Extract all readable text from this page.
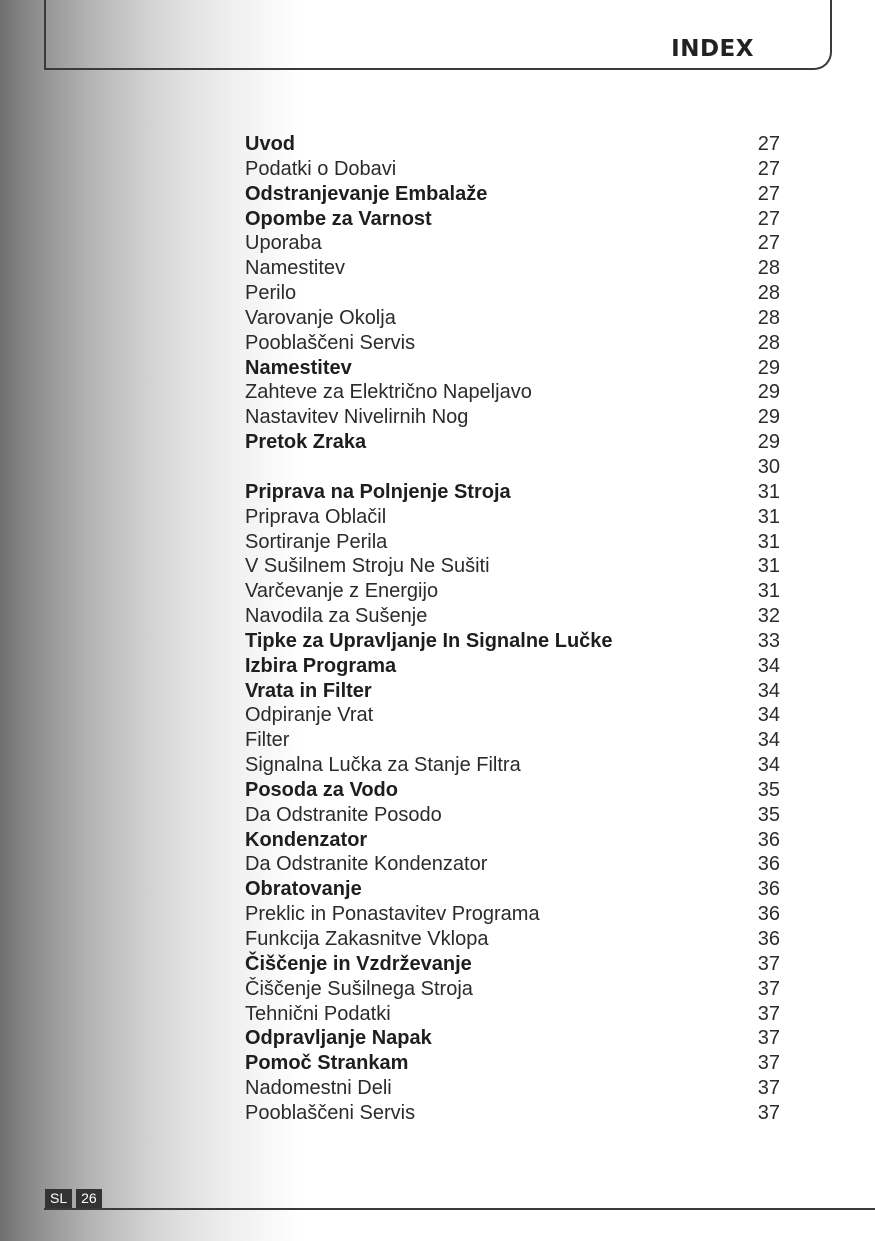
INDEX
Uvod	27
Podatki o Dobavi	27
Odstranjevanje Embalaže	27
Opombe za Varnost	27
Uporaba	27
Namestitev	28
Perilo	28
Varovanje Okolja	28
Pooblaščeni Servis	28
Namestitev	29
Zahteve za Električno Napeljavo	29
Nastavitev Nivelirnih Nog	29
Pretok Zraka	29
30
Priprava na Polnjenje Stroja	31
Priprava Oblačil	31
Sortiranje Perila	31
V Sušilnem Stroju Ne Sušiti	31
Varčevanje z Energijo	31
Navodila za Sušenje	32
Tipke za Upravljanje In Signalne Lučke	33
Izbira Programa	34
Vrata in Filter	34
Odpiranje Vrat	34
Filter	34
Signalna Lučka za Stanje Filtra	34
Posoda za Vodo	35
Da Odstranite Posodo	35
Kondenzator	36
Da Odstranite Kondenzator	36
Obratovanje	36
Preklic in Ponastavitev Programa	36
Funkcija Zakasnitve Vklopa	36
Čiščenje in Vzdrževanje	37
Čiščenje Sušilnega Stroja	37
Tehnični Podatki	37
Odpravljanje Napak	37
Pomoč Strankam	37
Nadomestni Deli	37
Pooblaščeni Servis	37
SL	26
